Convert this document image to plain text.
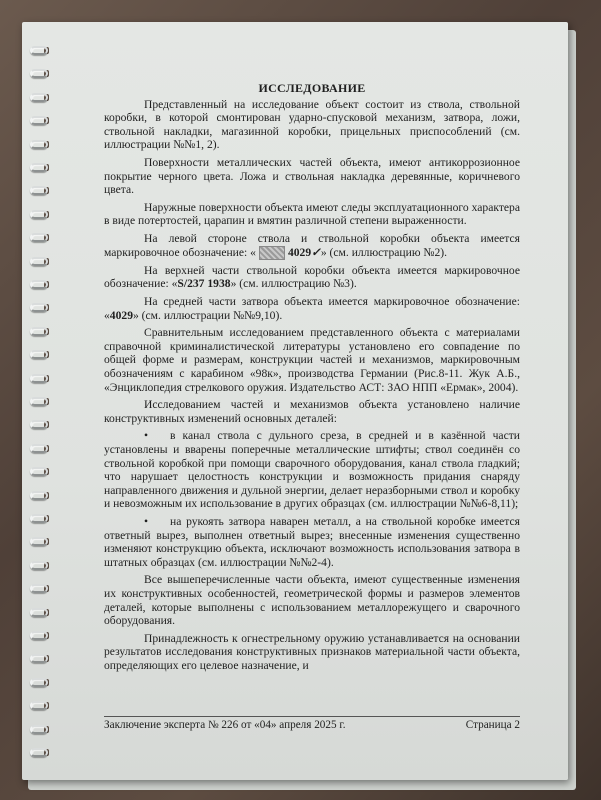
ИССЛЕДОВАНИЕ

Представленный на исследование объект состоит из ствола, ствольной коробки, в которой смонтирован ударно-спусковой механизм, затвора, ложи, ствольной накладки, магазинной коробки, прицельных приспособлений (см. иллюстрации №№1, 2).

Поверхности металлических частей объекта, имеют антикоррозионное покрытие черного цвета. Ложа и ствольная накладка деревянные, коричневого цвета.

Наружные поверхности объекта имеют следы эксплуатационного характера в виде потертостей, царапин и вмятин различной степени выраженности.

На левой стороне ствола и ствольной коробки объекта имеется маркировочное обозначение: «	4029✓» (см. иллюстрацию №2).

На верхней части ствольной коробки объекта имеется маркировочное обозначение: «S/237 1938» (см. иллюстрацию №3).

На средней части затвора объекта имеется маркировочное обозначение: «4029» (см. иллюстрации №№9,10).

Сравнительным исследованием представленного объекта с материалами справочной криминалистической литературы установлено его совпадение по общей форме и размерам, конструкции частей и механизмов, маркировочным обозначениям с карабином «98к», производства Германии (Рис.8-11. Жук А.Б., «Энциклопедия стрелкового оружия. Издательство АСТ: ЗАО НПП «Ермак», 2004).

Исследованием частей и механизмов объекта установлено наличие конструктивных изменений основных деталей:

• в канал ствола с дульного среза, в средней и в казённой части установлены и вварены поперечные металлические штифты; ствол соединён со ствольной коробкой при помощи сварочного оборудования, канал ствола гладкий; что нарушает целостность конструкции и возможность придания снаряду направленного движения и дульной энергии, делает неразборными ствол и коробку и невозможным их использование в других образцах (см. иллюстрации №№6-8,11);

• на рукоять затвора наварен металл, а на ствольной коробке имеется ответный вырез, выполнен ответный вырез; внесенные изменения существенно изменяют конструкцию объекта, исключают возможность использования затвора в штатных образцах (см. иллюстрации №№2-4).

Все вышеперечисленные части объекта, имеют существенные изменения их конструктивных особенностей, геометрической формы и размеров элементов деталей, которые выполнены с использованием металлорежущего и сварочного оборудования.

Принадлежность к огнестрельному оружию устанавливается на основании результатов исследования конструктивных признаков материальной части объекта, определяющих его целевое назначение, и

Заключение эксперта № 226 от «04» апреля 2025 г.	Страница 2
